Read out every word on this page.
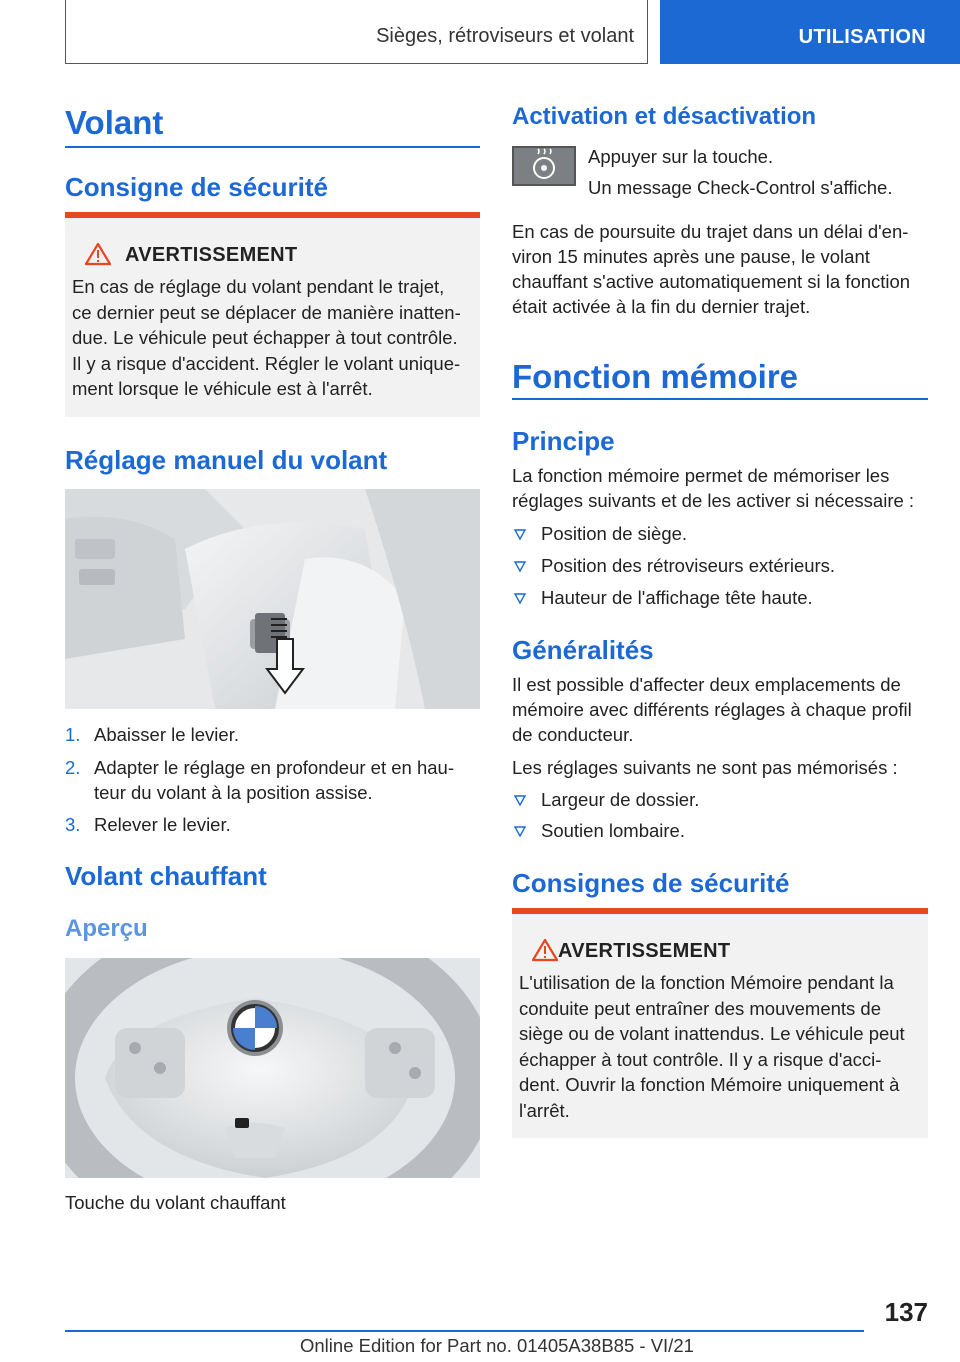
Sièges, rétroviseurs et volant	UTILISATION
Volant
Consigne de sécurité
AVERTISSEMENT
En cas de réglage du volant pendant le trajet,
ce dernier peut se déplacer de manière inatten-
due. Le véhicule peut échapper à tout contrôle.
Il y a risque d'accident. Régler le volant unique-
ment lorsque le véhicule est à l'arrêt.
Réglage manuel du volant
1. Abaisser le levier.
2. Adapter le réglage en profondeur et en hau-
teur du volant à la position assise.
3. Relever le levier.
Volant chauffant
Aperçu
Touche du volant chauffant
Activation et désactivation
Appuyer sur la touche.
Un message Check-Control s'affiche.
En cas de poursuite du trajet dans un délai d'en-
viron 15 minutes après une pause, le volant
chauffant s'active automatiquement si la fonction
était activée à la fin du dernier trajet.
Fonction mémoire
Principe
La fonction mémoire permet de mémoriser les
réglages suivants et de les activer si nécessaire :
Position de siège.
Position des rétroviseurs extérieurs.
Hauteur de l'affichage tête haute.
Généralités
Il est possible d'affecter deux emplacements de
mémoire avec différents réglages à chaque profil
de conducteur.
Les réglages suivants ne sont pas mémorisés :
Largeur de dossier.
Soutien lombaire.
Consignes de sécurité
AVERTISSEMENT
L'utilisation de la fonction Mémoire pendant la
conduite peut entraîner des mouvements de
siège ou de volant inattendus. Le véhicule peut
échapper à tout contrôle. Il y a risque d'acci-
dent. Ouvrir la fonction Mémoire uniquement à
l'arrêt.
137
Online Edition for Part no. 01405A38B85 - VI/21
